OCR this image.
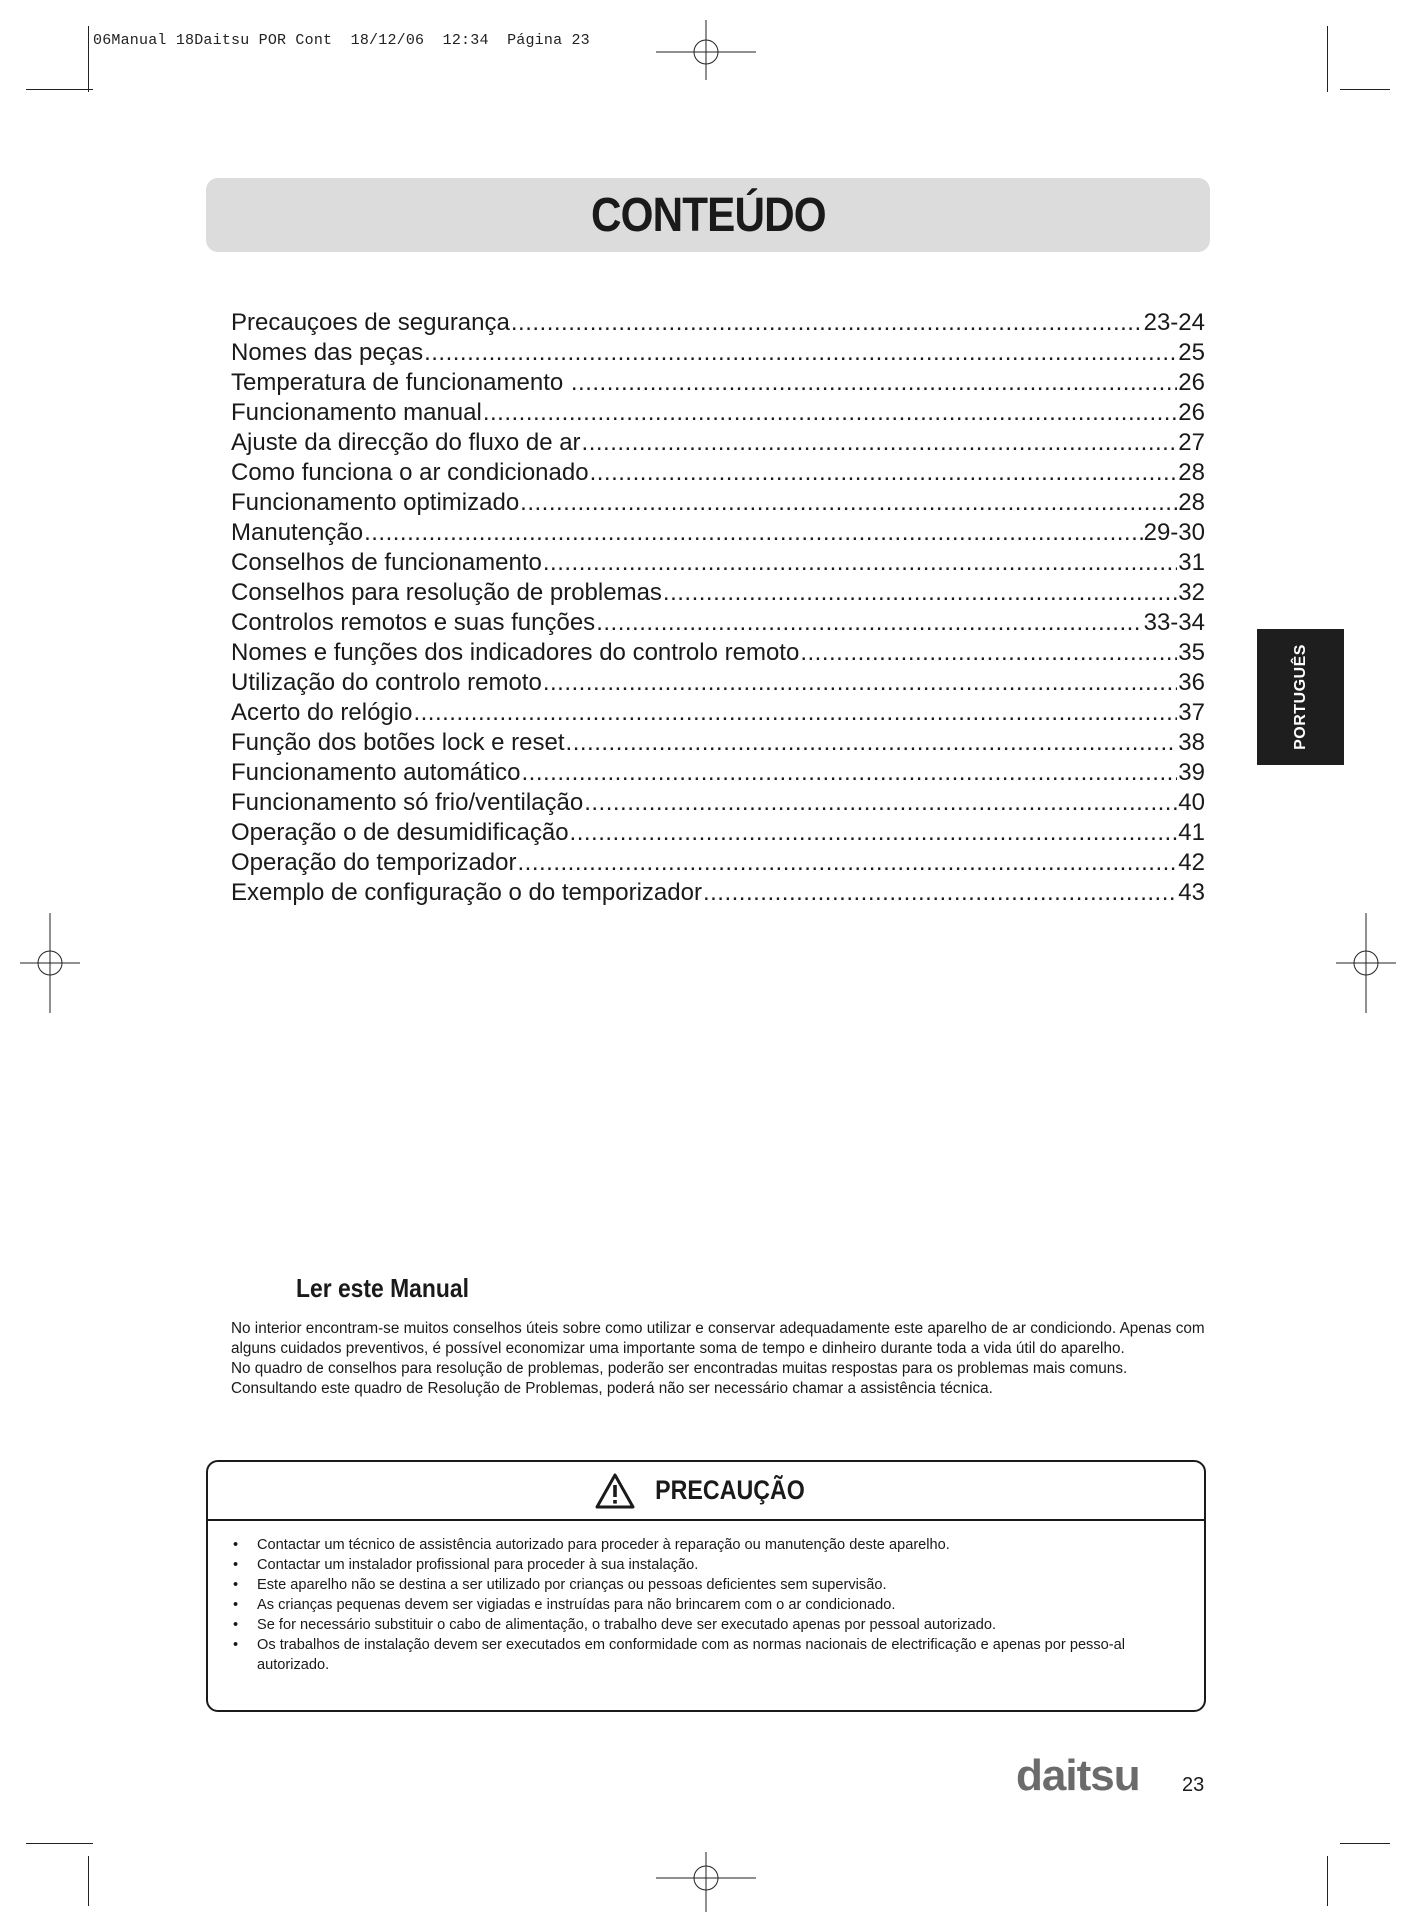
06Manual 18Daitsu POR Cont  18/12/06  12:34  Página 23
CONTEÚDO
Precauçoes de segurança .....	23-24
Nomes das peças .....	25
Temperatura de funcionamento .....	26
Funcionamento manual .....	26
Ajuste da direcção do fluxo de ar .....	27
Como funciona o ar condicionado .....	28
Funcionamento optimizado .....	28
Manutenção .....	29-30
Conselhos de funcionamento .....	31
Conselhos para resolução de problemas .....	32
Controlos remotos e suas funções .....	33-34
Nomes e funções dos indicadores do controlo remoto .....	35
Utilização do controlo remoto .....	36
Acerto do relógio .....	37
Função dos botões lock e reset .....	38
Funcionamento automático .....	39
Funcionamento só frio/ventilação .....	40
Operação o de desumidificação .....	41
Operação do temporizador .....	42
Exemplo de configuração o do temporizador .....	43
PORTUGUÊS
Ler este Manual

No interior encontram-se muitos conselhos úteis sobre como utilizar e conservar adequadamente este aparelho de ar condiciondo. Apenas com alguns cuidados preventivos, é possível economizar uma importante soma de tempo e dinheiro durante toda a vida útil do aparelho.

No quadro de conselhos para resolução de problemas, poderão ser encontradas muitas respostas para os problemas mais comuns. Consultando este quadro de Resolução de Problemas, poderá não ser necessário chamar a assistência técnica.

PRECAUÇÃO
• Contactar um técnico de assistência autorizado para proceder à reparação ou manutenção deste aparelho.
• Contactar um instalador profissional para proceder à sua instalação.
• Este aparelho não se destina a ser utilizado por crianças ou pessoas deficientes sem supervisão.
• As crianças pequenas devem ser vigiadas e instruídas para não brincarem com o ar condicionado.
• Se for necessário substituir o cabo de alimentação, o trabalho deve ser executado apenas por pessoal autorizado.
• Os trabalhos de instalação devem ser executados em conformidade com as normas nacionais de electrificação e apenas por pesso-al autorizado.
daitsu 23
